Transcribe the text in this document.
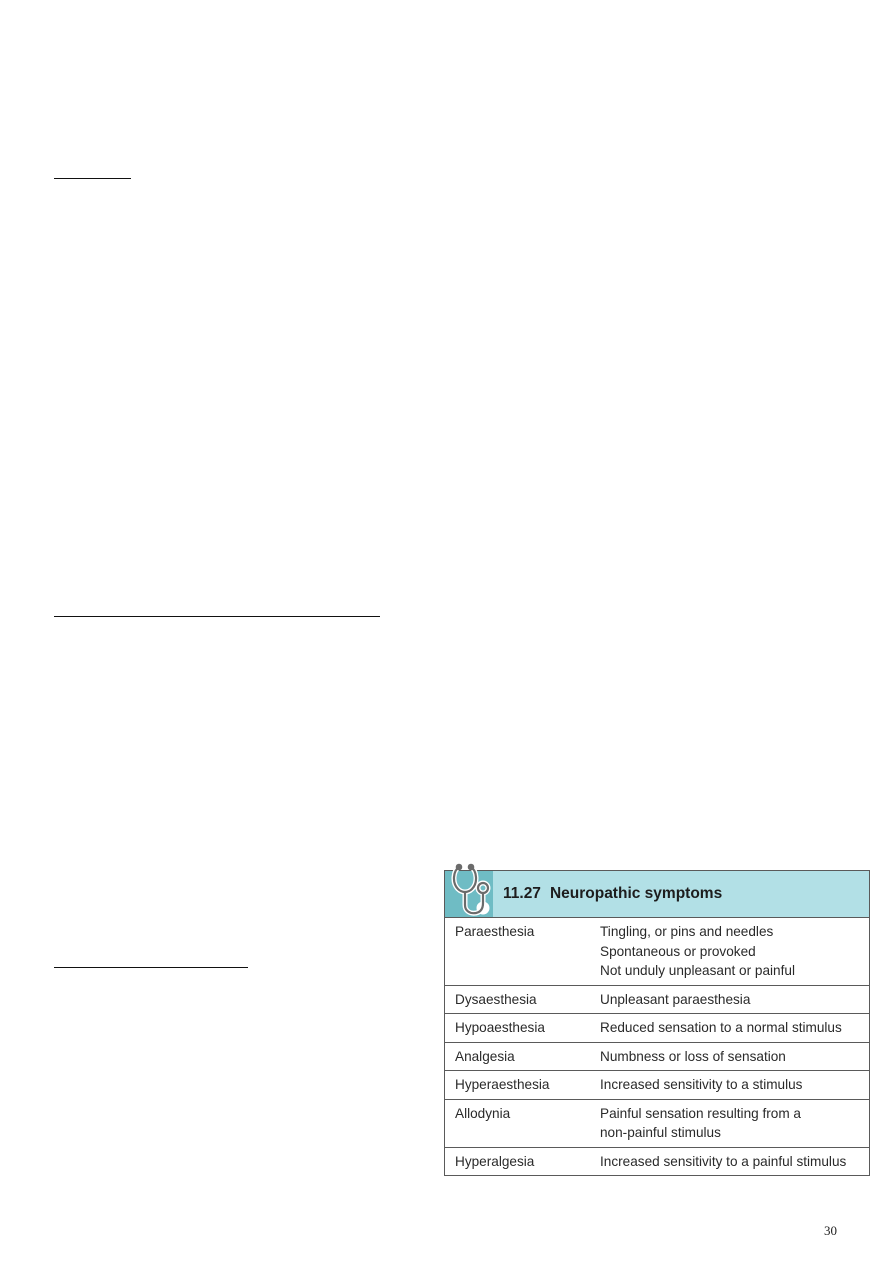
11.27 Neuropathic symptoms
Paraesthesia	Tingling, or pins and needles
Spontaneous or provoked
Not unduly unpleasant or painful

Dysaesthesia	Unpleasant paraesthesia

Hypoaesthesia	Reduced sensation to a normal stimulus

Analgesia	Numbness or loss of sensation

Hyperaesthesia	Increased sensitivity to a stimulus

Allodynia	Painful sensation resulting from a
non-painful stimulus

Hyperalgesia	Increased sensitivity to a painful stimulus
30
